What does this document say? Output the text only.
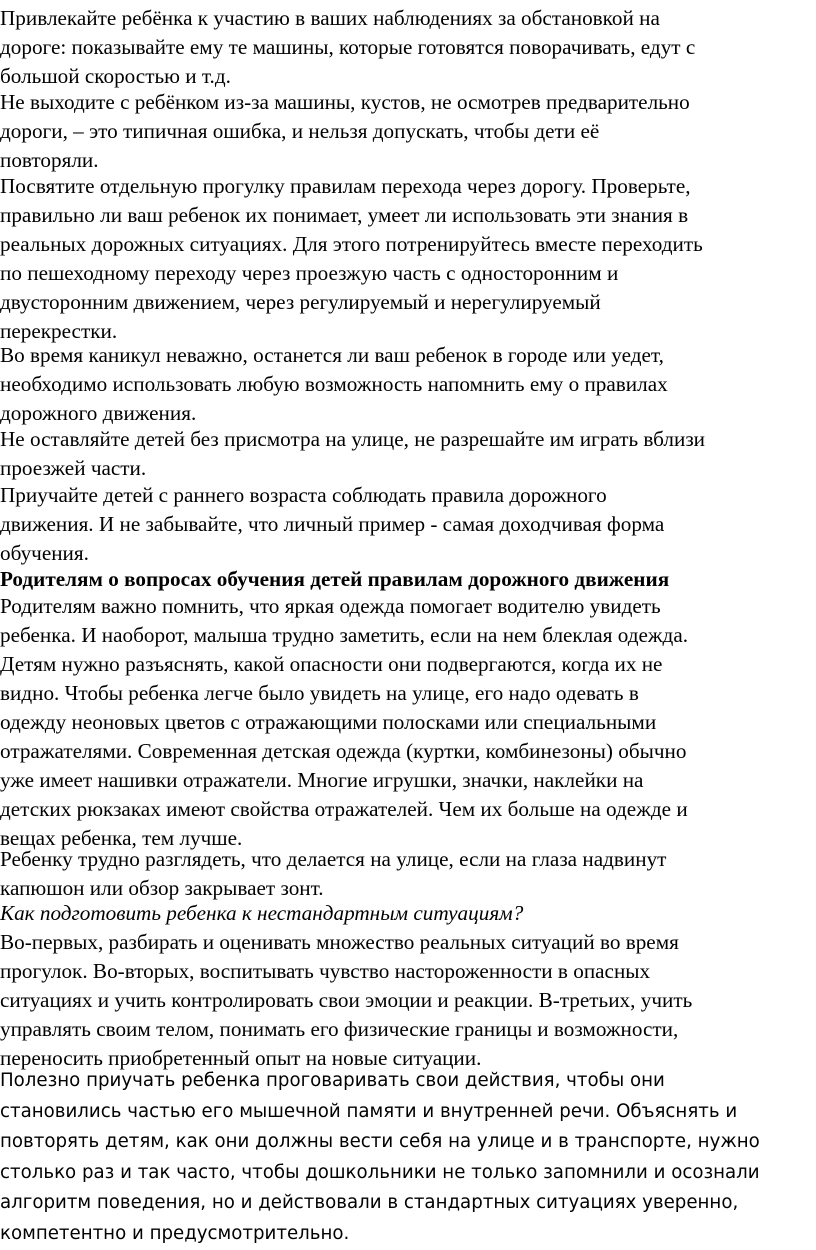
Привлекайте ребёнка к участию в ваших наблюдениях за обстановкой на
дороге: показывайте ему те машины, которые готовятся поворачивать, едут с
большой скоростью и т.д.

Не выходите с ребёнком из-за машины, кустов, не осмотрев предварительно
дороги, – это типичная ошибка, и нельзя допускать, чтобы дети её
повторяли.

Посвятите отдельную прогулку правилам перехода через дорогу. Проверьте,
правильно ли ваш ребенок их понимает, умеет ли использовать эти знания в
реальных дорожных ситуациях. Для этого потренируйтесь вместе переходить
по пешеходному переходу через проезжую часть с односторонним и
двусторонним движением, через регулируемый и нерегулируемый
перекрестки.

Во время каникул неважно, останется ли ваш ребенок в городе или уедет,
необходимо использовать любую возможность напомнить ему о правилах
дорожного движения.

Не оставляйте детей без присмотра на улице, не разрешайте им играть вблизи
проезжей части.

Приучайте детей с раннего возраста соблюдать правила дорожного
движения. И не забывайте, что личный пример - самая доходчивая форма
обучения.

Родителям о вопросах обучения детей правилам дорожного движения

Родителям важно помнить, что яркая одежда помогает водителю увидеть
ребенка. И наоборот, малыша трудно заметить, если на нем блеклая одежда.
Детям нужно разъяснять, какой опасности они подвергаются, когда их не
видно. Чтобы ребенка легче было увидеть на улице, его надо одевать в
одежду неоновых цветов с отражающими полосками или специальными
отражателями. Современная детская одежда (куртки, комбинезоны) обычно
уже имеет нашивки отражатели. Многие игрушки, значки, наклейки на
детских рюкзаках имеют свойства отражателей. Чем их больше на одежде и
вещах ребенка, тем лучше.

Ребенку трудно разглядеть, что делается на улице, если на глаза надвинут
капюшон или обзор закрывает зонт.

Как подготовить ребенка к нестандартным ситуациям?

Во-первых, разбирать и оценивать множество реальных ситуаций во время
прогулок. Во-вторых, воспитывать чувство настороженности в опасных
ситуациях и учить контролировать свои эмоции и реакции. В-третьих, учить
управлять своим телом, понимать его физические границы и возможности,
переносить приобретенный опыт на новые ситуации.

Полезно приучать ребенка проговаривать свои действия, чтобы они
становились частью его мышечной памяти и внутренней речи. Объяснять и
повторять детям, как они должны вести себя на улице и в транспорте, нужно
столько раз и так часто, чтобы дошкольники не только запомнили и осознали
алгоритм поведения, но и действовали в стандартных ситуациях уверенно,
компетентно и предусмотрительно.
